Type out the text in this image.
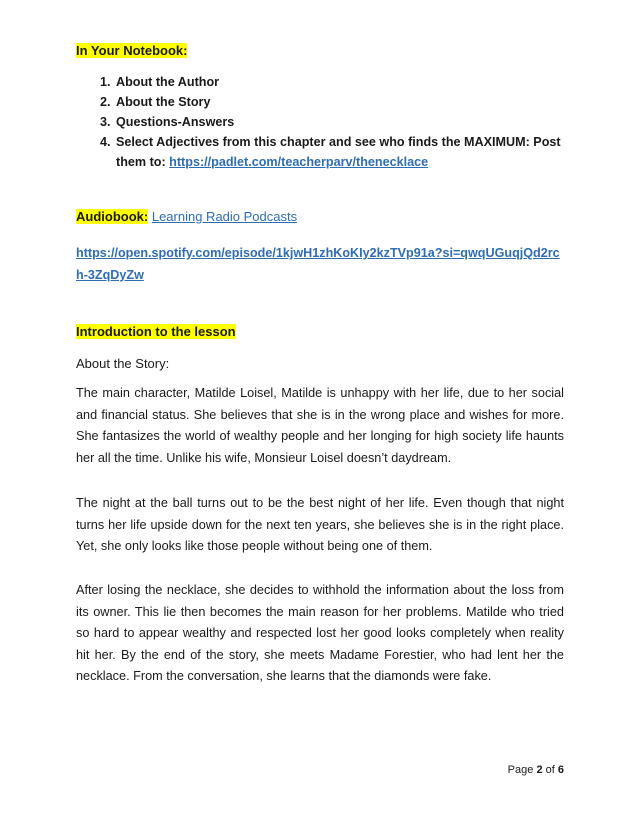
In Your Notebook:
1. About the Author
2. About the Story
3. Questions-Answers
4. Select Adjectives from this chapter and see who finds the MAXIMUM: Post them to: https://padlet.com/teacherparv/thenecklace
Audiobook: Learning Radio Podcasts
https://open.spotify.com/episode/1kjwH1zhKoKIy2kzTVp91a?si=qwqUGuqjQd2rch-3ZqDyZw
Introduction to the lesson
About the Story:

The main character, Matilde Loisel, Matilde is unhappy with her life, due to her social and financial status. She believes that she is in the wrong place and wishes for more. She fantasizes the world of wealthy people and her longing for high society life haunts her all the time. Unlike his wife, Monsieur Loisel doesn’t daydream.

The night at the ball turns out to be the best night of her life. Even though that night turns her life upside down for the next ten years, she believes she is in the right place. Yet, she only looks like those people without being one of them.

After losing the necklace, she decides to withhold the information about the loss from its owner. This lie then becomes the main reason for her problems. Matilde who tried so hard to appear wealthy and respected lost her good looks completely when reality hit her. By the end of the story, she meets Madame Forestier, who had lent her the necklace. From the conversation, she learns that the diamonds were fake.

Page 2 of 6
